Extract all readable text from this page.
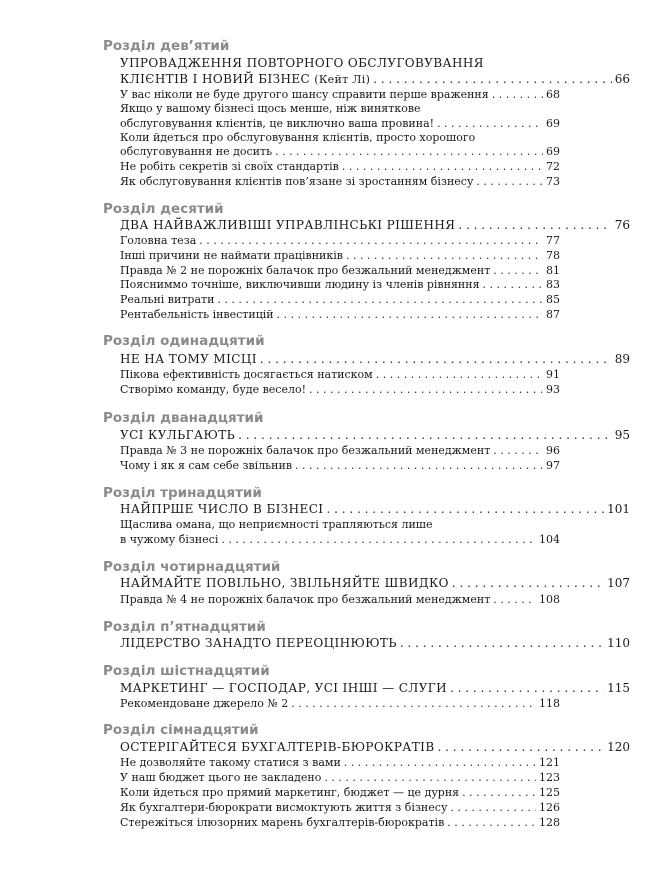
Розділ дев’ятий
УПРОВАДЖЕННЯ ПОВТОРНОГО ОБСЛУГОВУВАННЯ
КЛІЄНТІВ І НОВИЙ БІЗНЕС (Кейт Лі) . . .	66
У вас ніколи не буде другого шансу справити перше враження . . .	68
Якщо у вашому бізнесі щось менше, ніж виняткове
обслуговування клієнтів, це виключно ваша провина! . . .	69
Коли йдеться про обслуговування клієнтів, просто хорошого
обслуговування не досить . . .	69
Не робіть секретів зі своїх стандартів . . .	72
Як обслуговування клієнтів пов’язане зі зростанням бізнесу . . .	73
Розділ десятий
ДВА НАЙВАЖЛИВІШІ УПРАВЛІНСЬКІ РІШЕННЯ . . .	76
Головна теза . . .	77
Інші причини не наймати працівників . . .	78
Правда № 2 не порожніх балачок про безжальний менеджмент . . .	81
Поясниммо точніше, виключивши людину із членів рівняння . . .	83
Реальні витрати . . .	85
Рентабельність інвестицій . . .	87
Розділ одинадцятий
НЕ НА ТОМУ МІСЦІ . . .	89
Пікова ефективність досягається натиском . . .	91
Створімо команду, буде весело! . . .	93
Розділ дванадцятий
УСІ КУЛЬГАЮТЬ . . .	95
Правда № 3 не порожніх балачок про безжальний менеджмент . . .	96
Чому і як я сам себе звільнив . . .	97
Розділ тринадцятий
НАЙПРШЕ ЧИСЛО В БІЗНЕСІ . . .	101
Щаслива омана, що неприємності трапляються лише
в чужому бізнесі . . .	104
Розділ чотирнадцятий
НАЙМАЙТЕ ПОВІЛЬНО, ЗВІЛЬНЯЙТЕ ШВИДКО . . .	107
Правда № 4 не порожніх балачок про безжальний менеджмент . . .	108
Розділ п’ятнадцятий
ЛІДЕРСТВО ЗАНАДТО ПЕРЕОЦІНЮЮТЬ . . .	110
Розділ шістнадцятий
МАРКЕТИНГ — ГОСПОДАР, УСІ ІНШІ — СЛУГИ . . .	115
Рекомендоване джерело № 2 . . .	118
Розділ сімнадцятий
ОСТЕРІГАЙТЕСЯ БУХГАЛТЕРІВ-БЮРОКРАТІВ . . .	120
Не дозволяйте такому статися з вами . . .	121
У наш бюджет цього не закладено . . .	123
Коли йдеться про прямий маркетинг, бюджет — це дурня . . .	125
Як бухгалтери-бюрократи висмоктують життя з бізнесу . . .	126
Стережіться ілюзорних марень бухгалтерів-бюрократів . . .	128
